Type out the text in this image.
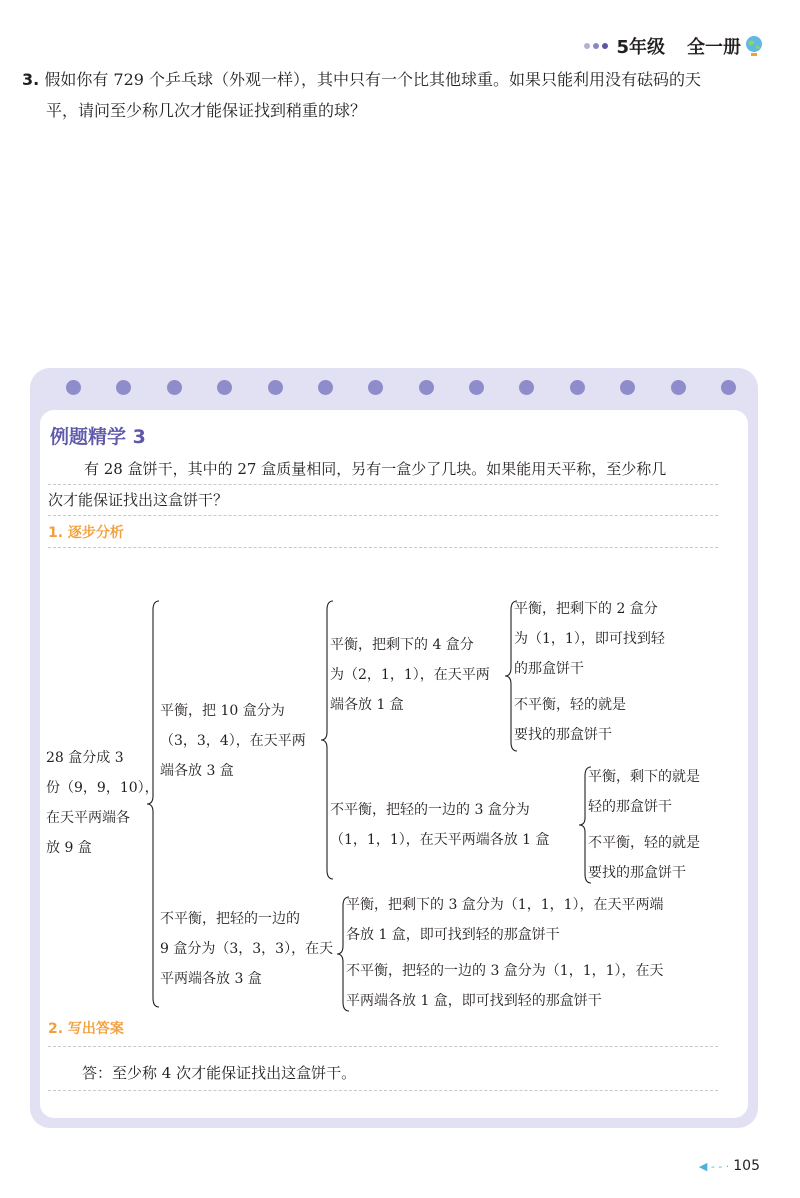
5年级 全一册

3. 假如你有 729 个乒乓球（外观一样），其中只有一个比其他球重。如果只能利用没有砝码的天

平，请问至少称几次才能保证找到稍重的球？

例题精学 3

有 28 盒饼干，其中的 27 盒质量相同，另有一盒少了几块。如果能用天平称，至少称几

次才能保证找出这盒饼干？

1. 逐步分析
28 盒分成 3
份（9，9，10），
在天平两端各
放 9 盒
平衡，把 10 盒分为
（3，3，4），在天平两
端各放 3 盒
平衡，把剩下的 4 盒分
为（2，1，1），在天平两
端各放 1 盒
平衡，把剩下的 2 盒分
为（1，1），即可找到轻
的那盒饼干
不平衡，轻的就是
要找的那盒饼干
不平衡，把轻的一边的 3 盒分为
（1，1，1），在天平两端各放 1 盒
平衡，剩下的就是
轻的那盒饼干
不平衡，轻的就是
要找的那盒饼干
不平衡，把轻的一边的
9 盒分为（3，3，3），在天
平两端各放 3 盒
平衡，把剩下的 3 盒分为（1，1，1），在天平两端
各放 1 盒，即可找到轻的那盒饼干
不平衡，把轻的一边的 3 盒分为（1，1，1），在天
平两端各放 1 盒，即可找到轻的那盒饼干
2. 写出答案
答：至少称 4 次才能保证找出这盒饼干。
◀ - - · 105
